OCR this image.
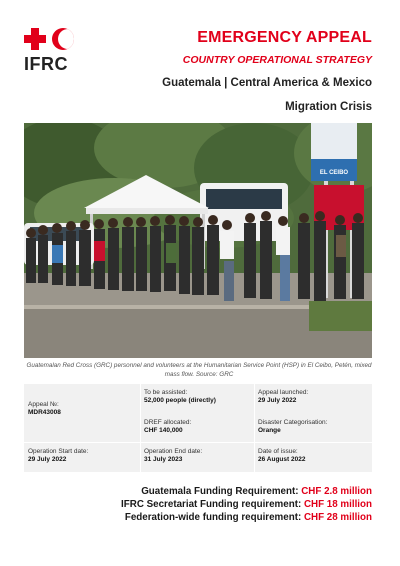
IFRC
EMERGENCY APPEAL
COUNTRY OPERATIONAL STRATEGY
Guatemala | Central America & Mexico
Migration Crisis
EL CEIBO
Guatemalan Red Cross (GRC) personnel and volunteers at the Humanitarian Service Point (HSP) in El Ceibo, Petén, mixed mass flow. Source: GRC
Appeal №:
MDR43008
To be assisted:
52,000 people (directly)
Appeal launched:
29 July 2022
DREF allocated:
CHF 140,000
Disaster Categorisation:
Orange
Operation Start date:
29 July 2022
Operation End date:
31 July 2023
Date of issue:
26 August 2022
Guatemala Funding Requirement: CHF 2.8 million
IFRC Secretariat Funding requirement: CHF 18 million
Federation-wide funding requirement: CHF 28 million
